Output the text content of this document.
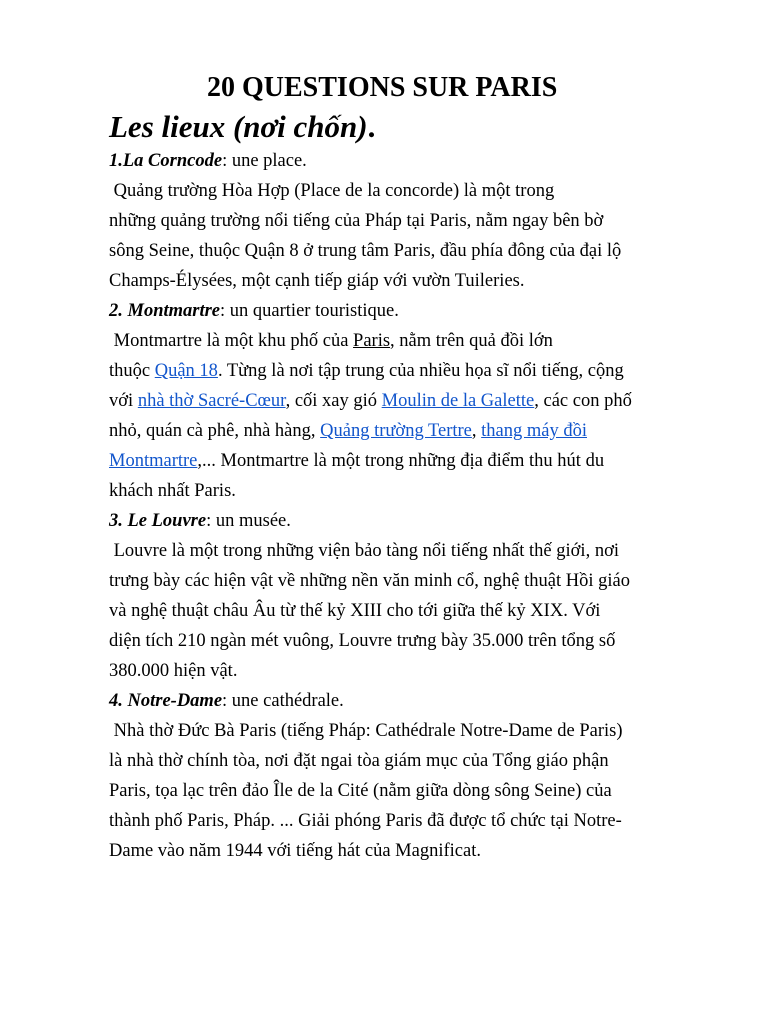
20 QUESTIONS SUR PARIS
Les lieux (nơi chốn).

1.La Corncode: une place.

Quảng trường Hòa Hợp (Place de la concorde) là một trong
những quảng trường nổi tiếng của Pháp tại Paris, nằm ngay bên bờ
sông Seine, thuộc Quận 8 ở trung tâm Paris, đầu phía đông của đại lộ
Champs-Élysées, một cạnh tiếp giáp với vườn Tuileries.

2. Montmartre: un quartier touristique.

Montmartre là một khu phố của Paris, nằm trên quả đồi lớn
thuộc Quận 18. Từng là nơi tập trung của nhiều họa sĩ nổi tiếng, cộng
với nhà thờ Sacré-Cœur, cối xay gió Moulin de la Galette, các con phố
nhỏ, quán cà phê, nhà hàng, Quảng trường Tertre, thang máy đồi
Montmartre,... Montmartre là một trong những địa điểm thu hút du
khách nhất Paris.

3. Le Louvre: un musée.

Louvre là một trong những viện bảo tàng nổi tiếng nhất thế giới, nơi
trưng bày các hiện vật về những nền văn minh cổ, nghệ thuật Hồi giáo
và nghệ thuật châu Âu từ thế kỷ XIII cho tới giữa thế kỷ XIX. Với
diện tích 210 ngàn mét vuông, Louvre trưng bày 35.000 trên tổng số
380.000 hiện vật.

4. Notre-Dame: une cathédrale.

Nhà thờ Đức Bà Paris (tiếng Pháp: Cathédrale Notre-Dame de Paris)
là nhà thờ chính tòa, nơi đặt ngai tòa giám mục của Tổng giáo phận
Paris, tọa lạc trên đảo Île de la Cité (nằm giữa dòng sông Seine) của
thành phố Paris, Pháp. ... Giải phóng Paris đã được tổ chức tại Notre-
Dame vào năm 1944 với tiếng hát của Magnificat.
